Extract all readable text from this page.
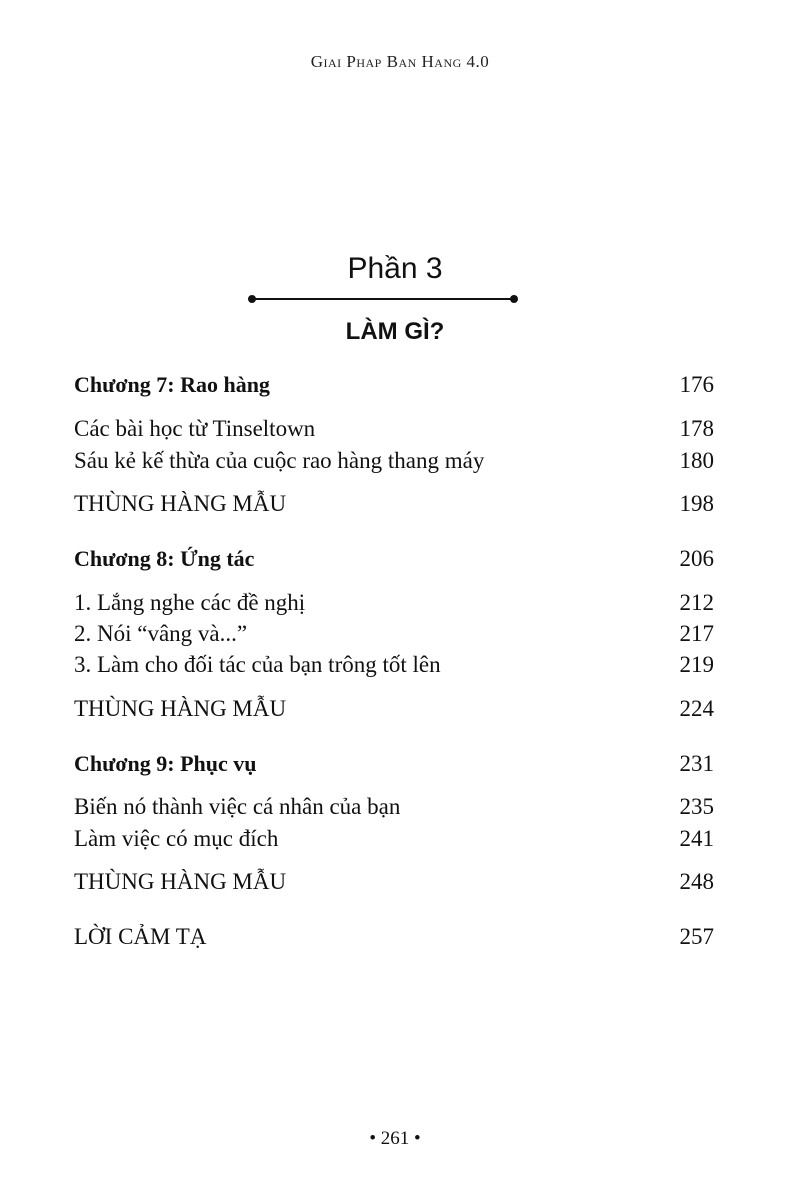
Giai Phap Ban Hang 4.0
Phần 3
LÀM GÌ?
Chương 7: Rao hàng	176
Các bài học từ Tinseltown	178
Sáu kẻ kế thừa của cuộc rao hàng thang máy	180
THÙNG HÀNG MẪU	198
Chương 8: Ứng tác	206
1. Lắng nghe các đề nghị	212
2. Nói “vâng và...”	217
3. Làm cho đối tác của bạn trông tốt lên	219
THÙNG HÀNG MẪU	224
Chương 9: Phục vụ	231
Biến nó thành việc cá nhân của bạn	235
Làm việc có mục đích	241
THÙNG HÀNG MẪU	248
LỜI CẢM TẠ	257
• 261 •
